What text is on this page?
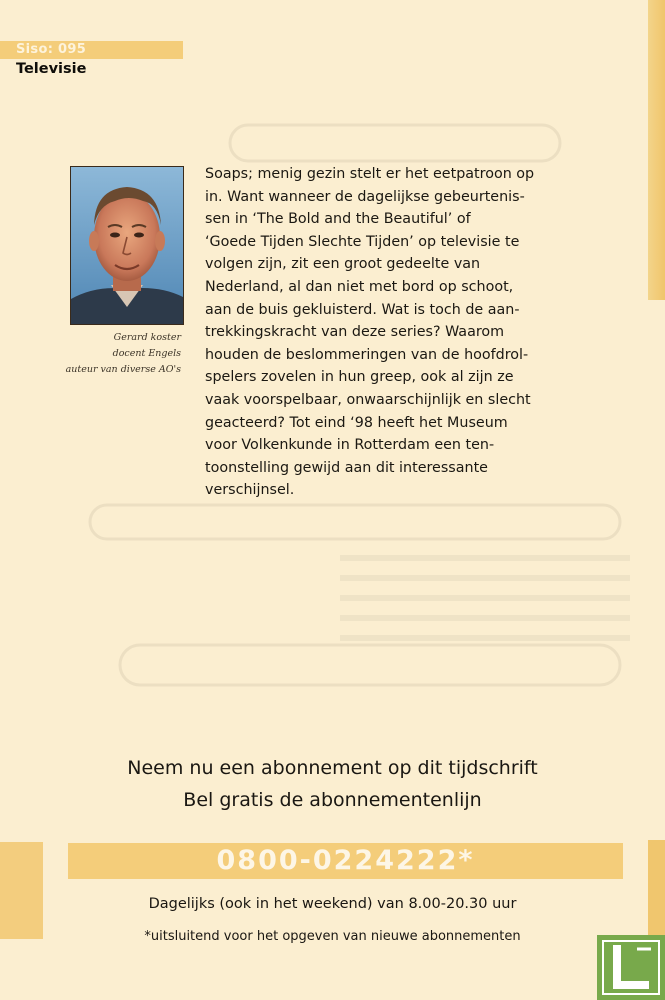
Siso: 095
Televisie
Gerard koster
docent Engels
auteur van diverse AO's
Soaps; menig gezin stelt er het eetpatroon op
in. Want wanneer de dagelijkse gebeurtenis-
sen in ‘The Bold and the Beautiful’ of
‘Goede Tijden Slechte Tijden’ op televisie te
volgen zijn, zit een groot gedeelte van
Nederland, al dan niet met bord op schoot,
aan de buis gekluisterd. Wat is toch de aan-
trekkingskracht van deze series? Waarom
houden de beslommeringen van de hoofdrol-
spelers zovelen in hun greep, ook al zijn ze
vaak voorspelbaar, onwaarschijnlijk en slecht
geacteerd? Tot eind ‘98 heeft het Museum
voor Volkenkunde in Rotterdam een ten-
toonstelling gewijd aan dit interessante
verschijnsel.
Neem nu een abonnement op dit tijdschrift
Bel gratis de abonnementenlijn
0800-0224222*
Dagelijks (ook in het weekend) van 8.00-20.30 uur
*uitsluitend voor het opgeven van nieuwe abonnementen
